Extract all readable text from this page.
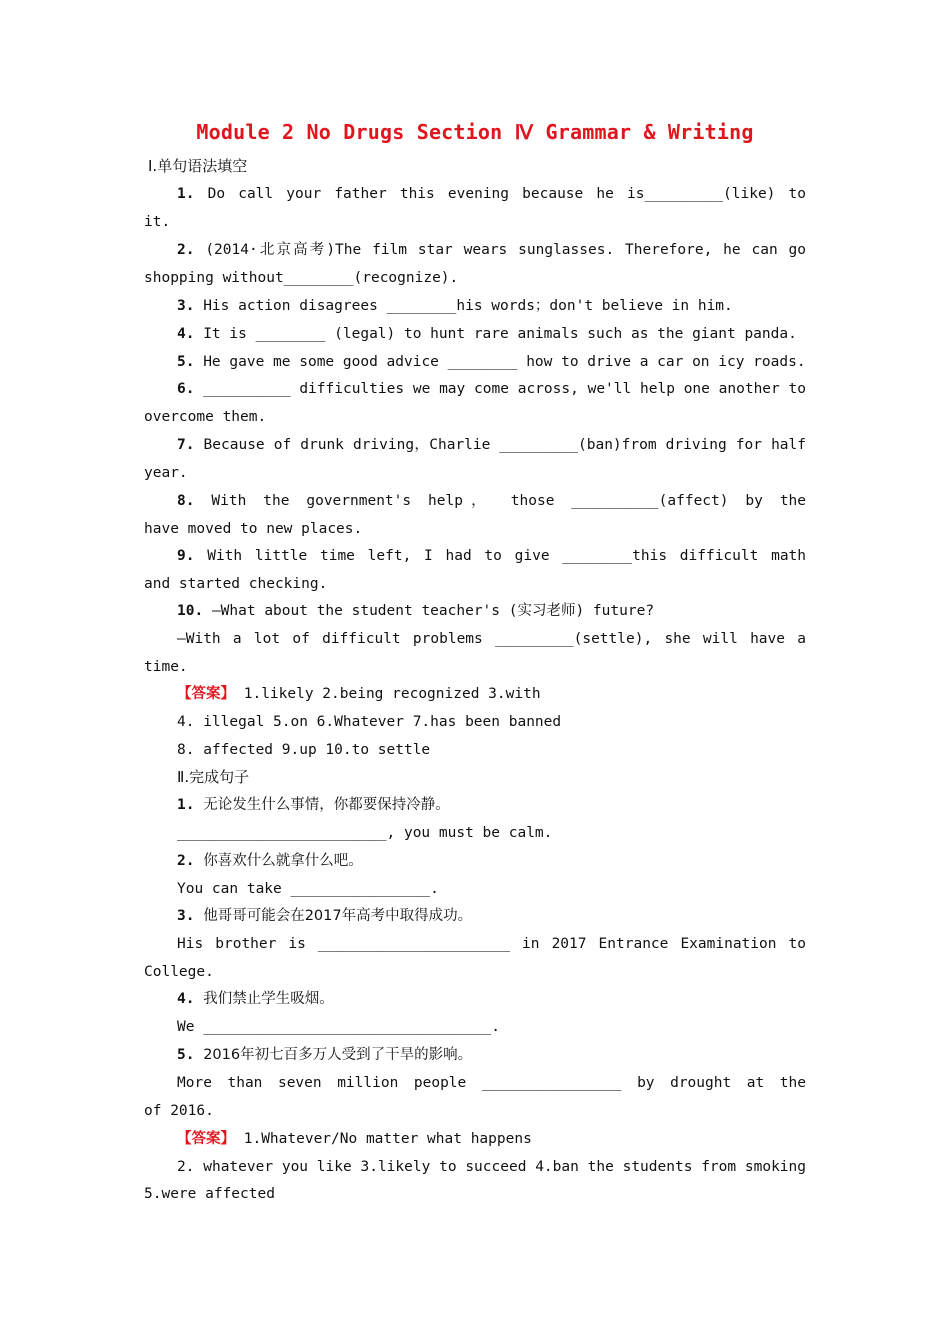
Module 2 No Drugs Section Ⅳ Grammar & Writing
Ⅰ.单句语法填空
1. Do call your father this evening because he is_________(like) to
it.
2. (2014·北京高考)The film star wears sunglasses. Therefore, he can go
shopping without________(recognize).
3. His action disagrees ________his words；don't believe in him.
4. It is ________ (legal) to hunt rare animals such as the giant panda.
5. He gave me some good advice ________ how to drive a car on icy roads.
6. __________ difficulties we may come across, we'll help one another to
overcome them.
7. Because of drunk driving，Charlie _________(ban)from driving for half
year.
8. With the government's help， those __________(affect) by the
have moved to new places.
9. With little time left, I had to give ________this difficult math
and started checking.
10. —What about the student teacher's (实习老师) future?
—With a lot of difficult problems _________(settle), she will have a
time.
【答案】 1.likely 2.being recognized 3.with
4. illegal 5.on 6.Whatever 7.has been banned
8. affected 9.up 10.to settle
Ⅱ.完成句子
1. 无论发生什么事情，你都要保持冷静。
________________________, you must be calm.
2. 你喜欢什么就拿什么吧。
You can take ________________.
3. 他哥哥可能会在2017年高考中取得成功。
His brother is ______________________ in 2017 Entrance Examination to
College.
4. 我们禁止学生吸烟。
We _________________________________.
5. 2016年初七百多万人受到了干旱的影响。
More than seven million people ________________ by drought at the
of 2016.
【答案】 1.Whatever/No matter what happens
2. whatever you like 3.likely to succeed 4.ban the students from smoking
5.were affected
